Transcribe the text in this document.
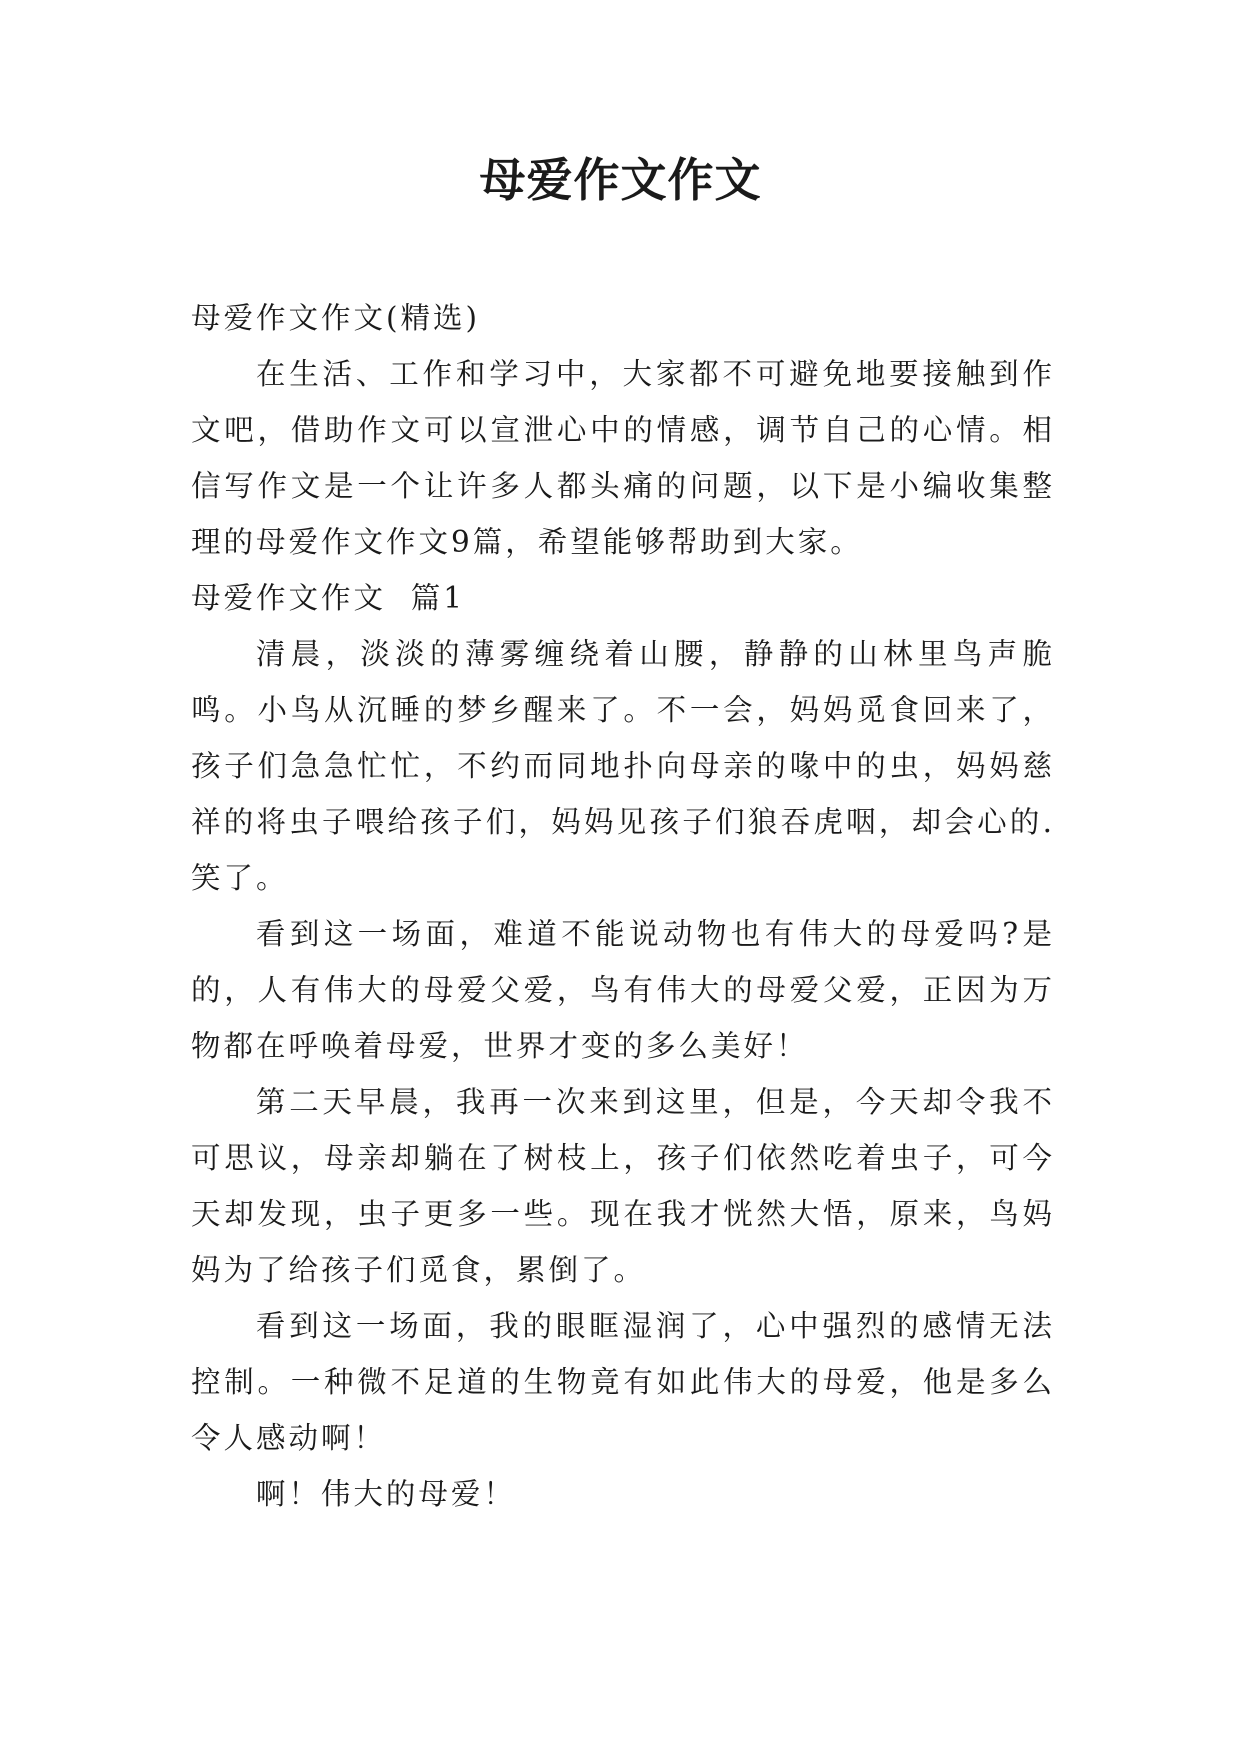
母爱作文作文

母爱作文作文(精选)

在生活、工作和学习中，大家都不可避免地要接触到作文吧，借助作文可以宣泄心中的情感，调节自己的心情。相信写作文是一个让许多人都头痛的问题，以下是小编收集整理的母爱作文作文9篇，希望能够帮助到大家。

母爱作文作文  篇1

清晨，淡淡的薄雾缠绕着山腰，静静的山林里鸟声脆鸣。小鸟从沉睡的梦乡醒来了。不一会，妈妈觅食回来了，孩子们急急忙忙，不约而同地扑向母亲的喙中的虫，妈妈慈祥的将虫子喂给孩子们，妈妈见孩子们狼吞虎咽，却会心的.笑了。

看到这一场面，难道不能说动物也有伟大的母爱吗?是的，人有伟大的母爱父爱，鸟有伟大的母爱父爱，正因为万物都在呼唤着母爱，世界才变的多么美好！

第二天早晨，我再一次来到这里，但是，今天却令我不可思议，母亲却躺在了树枝上，孩子们依然吃着虫子，可今天却发现，虫子更多一些。现在我才恍然大悟，原来，鸟妈妈为了给孩子们觅食，累倒了。

看到这一场面，我的眼眶湿润了，心中强烈的感情无法控制。一种微不足道的生物竟有如此伟大的母爱，他是多么令人感动啊！

啊！伟大的母爱！
